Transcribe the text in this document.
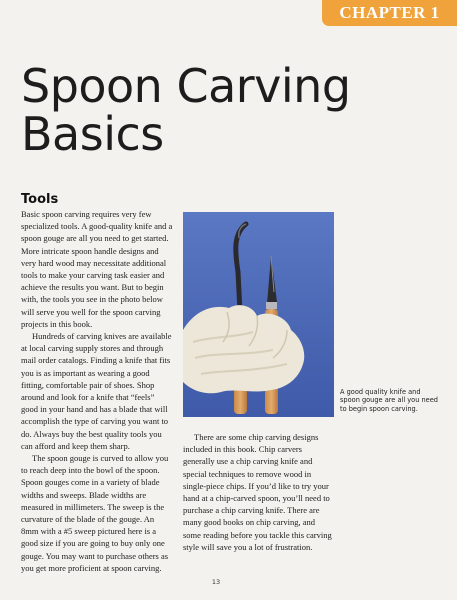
CHAPTER 1
Spoon Carving Basics
Tools

Basic spoon carving requires very few specialized tools. A good-quality knife and a spoon gouge are all you need to get started. More intricate spoon handle designs and very hard wood may necessitate additional tools to make your carving task easier and achieve the results you want. But to begin with, the tools you see in the photo below will serve you well for the spoon carving projects in this book.

Hundreds of carving knives are available at local carving supply stores and through mail order catalogs. Finding a knife that fits you is as important as wearing a good fitting, comfortable pair of shoes. Shop around and look for a knife that “feels” good in your hand and has a blade that will accomplish the type of carving you want to do. Always buy the best quality tools you can afford and keep them sharp.

The spoon gouge is curved to allow you to reach deep into the bowl of the spoon. Spoon gouges come in a variety of blade widths and sweeps. Blade widths are measured in millimeters. The sweep is the curvature of the blade of the gouge. An 8mm with a #5 sweep pictured here is a good size if you are going to buy only one gouge. You may want to purchase others as you get more proficient at spoon carving.

A good quality knife and spoon gouge are all you need to begin spoon carving.

There are some chip carving designs included in this book. Chip carvers generally use a chip carving knife and special techniques to remove wood in single-piece chips. If you’d like to try your hand at a chip-carved spoon, you’ll need to purchase a chip carving knife. There are many good books on chip carving, and some reading before you tackle this carving style will save you a lot of frustration.

13
